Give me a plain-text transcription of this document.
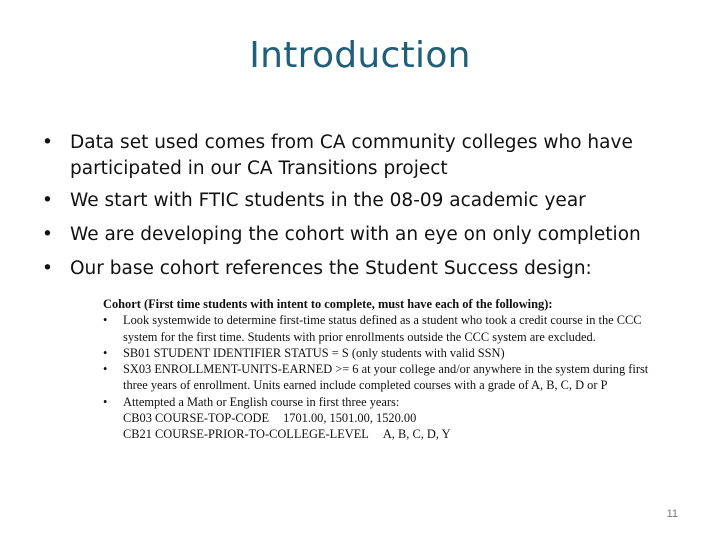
Introduction
• Data set used comes from CA community colleges who have participated in our CA Transitions project
• We start with FTIC students in the 08-09 academic year
• We are developing the cohort with an eye on only completion
• Our base cohort references the Student Success design:
Cohort (First time students with intent to complete, must have each of the following):
•	Look systemwide to determine first-time status defined as a student who took a credit course in the CCC system for the first time. Students with prior enrollments outside the CCC system are excluded.
•	SB01 STUDENT IDENTIFIER STATUS = S (only students with valid SSN)
•	SX03 ENROLLMENT-UNITS-EARNED >= 6 at your college and/or anywhere in the system during first three years of enrollment. Units earned include completed courses with a grade of A, B, C, D or P
•	Attempted a Math or English course in first three years:
CB03 COURSE-TOP-CODE 1701.00, 1501.00, 1520.00
CB21 COURSE-PRIOR-TO-COLLEGE-LEVEL A, B, C, D, Y
11
